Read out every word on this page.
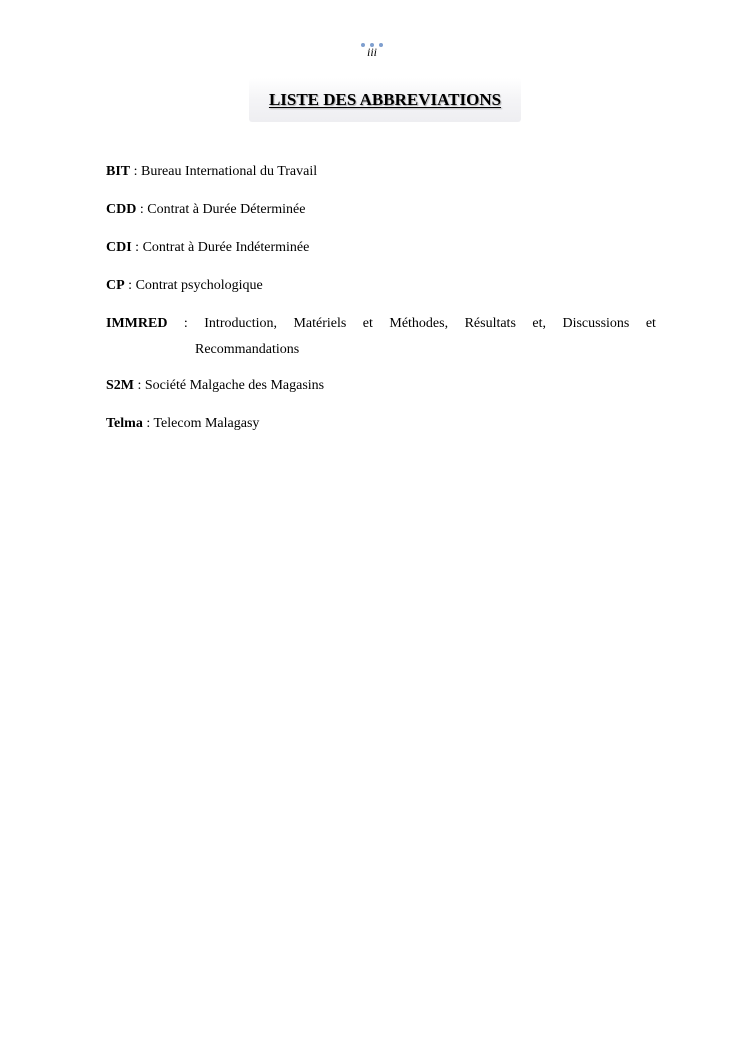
iii
LISTE DES ABBREVIATIONS
BIT : Bureau International du Travail
CDD : Contrat à Durée Déterminée
CDI : Contrat à Durée Indéterminée
CP : Contrat psychologique
IMMRED : Introduction, Matériels et Méthodes, Résultats et, Discussions et
Recommandations
S2M : Société Malgache des Magasins
Telma : Telecom Malagasy
